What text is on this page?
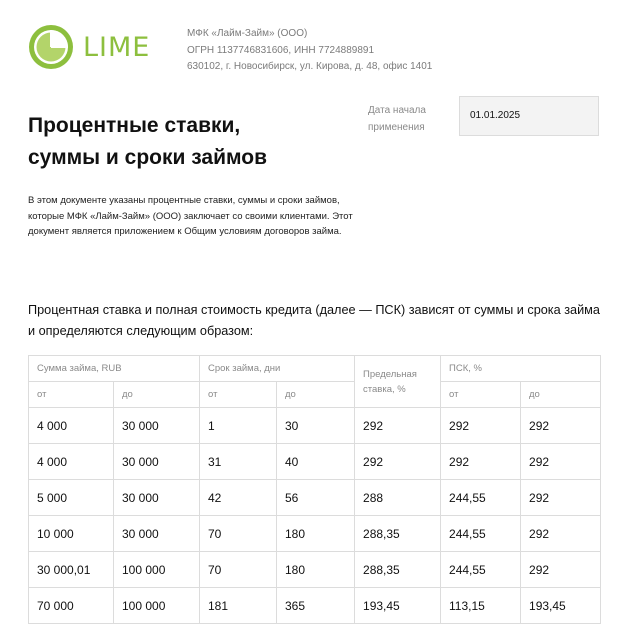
LIME	МФК «Лайм-Займ» (ООО)
ОГРН 1137746831606, ИНН 7724889891
630102, г. Новосибирск, ул. Кирова, д. 48, офис 1401
Процентные ставки,
суммы и сроки займов
Дата начала применения
01.01.2025

В этом документе указаны процентные ставки, суммы и сроки займов, которые МФК «Лайм-Займ» (ООО) заключает со своими клиентами. Этот документ является приложением к Общим условиям договоров займа.

Процентная ставка и полная стоимость кредита (далее — ПСК) зависят от суммы и срока займа и определяются следующим образом:

Сумма займа, RUB		Срок займа, дни		Предельная ставка, %	ПСК, %	
от	до	от	до		от	до
4 000	30 000	1	30	292	292	292
4 000	30 000	31	40	292	292	292
5 000	30 000	42	56	288	244,55	292
10 000	30 000	70	180	288,35	244,55	292
30 000,01	100 000	70	180	288,35	244,55	292
70 000	100 000	181	365	193,45	113,15	193,45
